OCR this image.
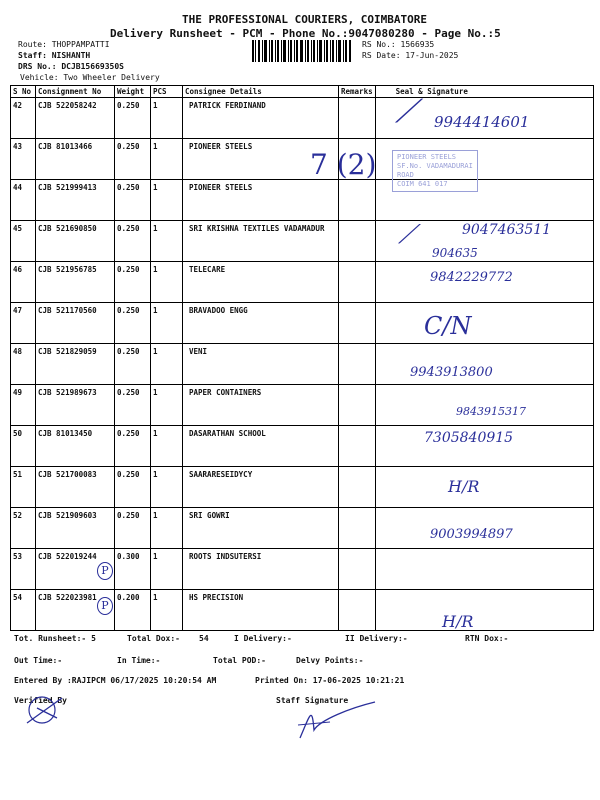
THE PROFESSIONAL COURIERS, COIMBATORE
Delivery Runsheet - PCM - Phone No.:9047080280 - Page No.:5
Route: THOPPAMPATTI
Staff: NISHANTH
DRS No.: DCJB15669350S
Vehicle: Two Wheeler Delivery
RS No.: 1566935
RS Date: 17-Jun-2025
S No	Consignment No	Weight	PCS	Consignee Details	Remarks	Seal & Signature
42	CJB 522058242	0.250	1	PATRICK FERDINAND		
43	CJB 81013466	0.250	1	PIONEER STEELS		
44	CJB 521999413	0.250	1	PIONEER STEELS		
45	CJB 521690850	0.250	1	SRI KRISHNA TEXTILES VADAMADUR		
46	CJB 521956785	0.250	1	TELECARE		
47	CJB 521170560	0.250	1	BRAVADOO ENGG		
48	CJB 521829059	0.250	1	VENI		
49	CJB 521989673	0.250	1	PAPER CONTAINERS		
50	CJB 81013450	0.250	1	DASARATHAN SCHOOL		
51	CJB 521700083	0.250	1	SAARARESEIDYCY		
52	CJB 521909603	0.250	1	SRI GOWRI		
53	CJB 522019244	0.300	1	ROOTS INDSUTERSI		
54	CJB 522023981	0.200	1	HS PRECISION		
⟋ 9944414601
7 (2)	PIONEER STEELS
SF.No. VADAMADURAI
ROAD
COIM 641 017
⟋	9047463511
904635
9842229772
C/N
9943913800
9843915317
7305840915
H/R
9003994897
H/R
P
P
Tot. Runsheet:- 5	Total Dox:- 54	I Delivery:-	II Delivery:-	RTN Dox:-
Out Time:-	In Time:-	Total POD:-	Delvy Points:-
Entered By :RAJIPCM 06/17/2025 10:20:54 AM	Printed On: 17-06-2025 10:21:21
Verified By	Staff Signature
